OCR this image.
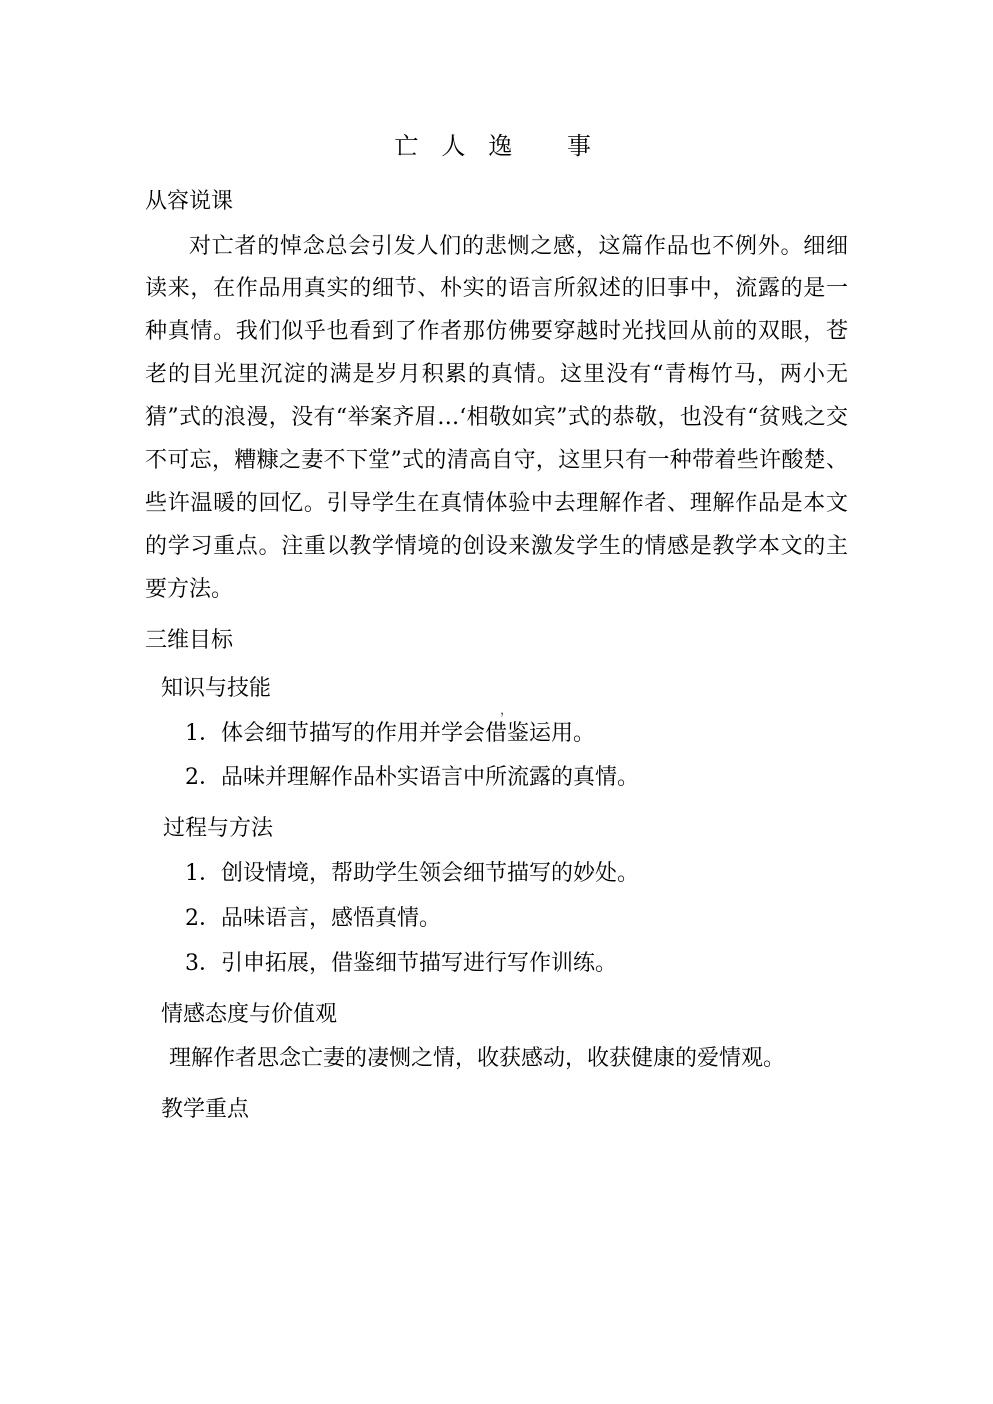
亡 人 逸　 事
从容说课

对亡者的悼念总会引发人们的悲恻之感，这篇作品也不例外。细细读来，在作品用真实的细节、朴实的语言所叙述的旧事中，流露的是一种真情。我们似乎也看到了作者那仿佛要穿越时光找回从前的双眼，苍老的目光里沉淀的满是岁月积累的真情。这里没有“青梅竹马，两小无猜”式的浪漫，没有“举案齐眉…‘相敬如宾”式的恭敬，也没有“贫贱之交不可忘，糟糠之妻不下堂”式的清高自守，这里只有一种带着些许酸楚、些许温暖的回忆。引导学生在真情体验中去理解作者、理解作品是本文的学习重点。注重以教学情境的创设来激发学生的情感是教学本文的主要方法。

三维目标
知识与技能
1．体会细节描写的作用并学会借鉴运用。
2．品味并理解作品朴实语言中所流露的真情。
过程与方法
1．创设情境，帮助学生领会细节描写的妙处。
2．品味语言，感悟真情。
3．引申拓展，借鉴细节描写进行写作训练。
情感态度与价值观
理解作者思念亡妻的凄恻之情，收获感动，收获健康的爱情观。
教学重点
，
